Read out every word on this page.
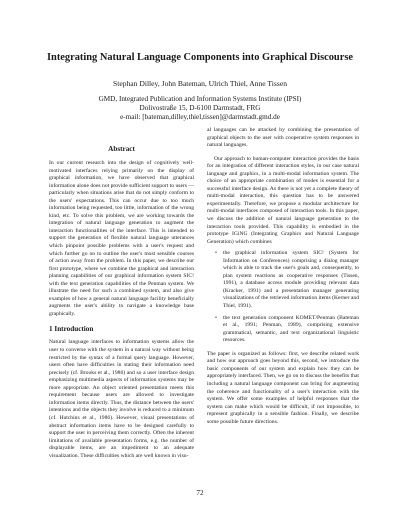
Integrating Natural Language Components into Graphical Discourse
Stephan Dilley, John Bateman, Ulrich Thiel, Anne Tissen
GMD, Integrated Publication and Information Systems Institute (IPSI)
Dolivostraße 15, D-6100 Darmstadt, FRG
e-mail: [bateman,dilley,thiel,tissen]@darmstadt.gmd.de
Abstract

In our current research into the design of cognitively well-motivated interfaces relying primarily on the display of graphical information, we have observed that graphical information alone does not provide sufficient support to users — particularly when situations arise that do not simply conform to the users' expectations. This can occur due to too much information being requested, too little, information of the wrong kind, etc. To solve this problem, we are working towards the integration of natural language generation to augment the interaction functionalities of the interface. This is intended to support the generation of flexible natural language utterances which pinpoint possible problems with a user's request and which further go on to outline the user's most sensible courses of action away from the problem. In this paper, we describe our first prototype, where we combine the graphical and interaction planning capabilities of our graphical information system SIC! with the text generation capabilities of the Penman system. We illustrate the need for such a combined system, and also give examples of how a general natural language facility beneficially augments the user's ability to navigate a knowledge base graphically.

1 Introduction

Natural language interfaces to information systems allow the user to converse with the system in a natural way without being restricted by the syntax of a formal query language. However, users often have difficulties in stating their information need precisely (cf. Brooks et al., 1986) and so a user interface design emphasizing multimedia aspects of information systems may be more appropriate. An object oriented presentation meets this requirement because users are allowed to investigate information items directly. Thus, the distance between the users' intentions and the objects they involve is reduced to a minimum (cf. Hutchins et al., 1986). However, visual presentations of abstract information items have to be designed carefully to support the user in perceiving them correctly. Often the inherent limitations of available presentation forms, e.g. the number of displayable items, are an impediment to an adequate visualization. These difficulties which are well known in visu-

al languages can be attacked by combining the presentation of graphical objects to the user with cooperative system responses in natural languages.

Our approach to human-computer interaction provides the basis for an integration of different interaction styles, in our case natural language and graphics, in a multi-modal information system. The choice of an appropriate combination of modes is essential for a successful interface design. As there is not yet a complete theory of multi-modal interaction, this question has to be answered experimentally. Therefore, we propose a modular architecture for multi-modal interfaces composed of interaction tools. In this paper, we discuss the addition of natural language generation to the interaction tools provided. This capability is embodied in the prototype IGiNG (Integrating Graphics and Natural Language Generation) which combines

• the graphical information system SIC! (System for Information on Conferences) comprising a dialog manager which is able to track the user's goals and, consequently, to plan system reactions as cooperative responses (Tissen, 1991), a database access module providing relevant data (Kracker, 1991) and a presentation manager generating visualizations of the retrieved information items (Kerner and Thiel, 1991).
• the text generation component KOMET/Penman (Bateman et al., 1991; Penman, 1989), comprising extensive grammatical, semantic, and text organizational linguistic resources.

The paper is organized as follows: first, we describe related work and how our approach goes beyond this, second, we introduce the basic components of our system and explain how they can be appropriately interfaced. Then, we go on to discuss the benefits that including a natural language component can bring for augmenting the coherence and functionality of a user's interaction with the system. We offer some examples of helpful responses that the system can make which would be difficult, if not impossible, to represent graphically in a sensible fashion. Finally, we describe some possible future directions.

72
